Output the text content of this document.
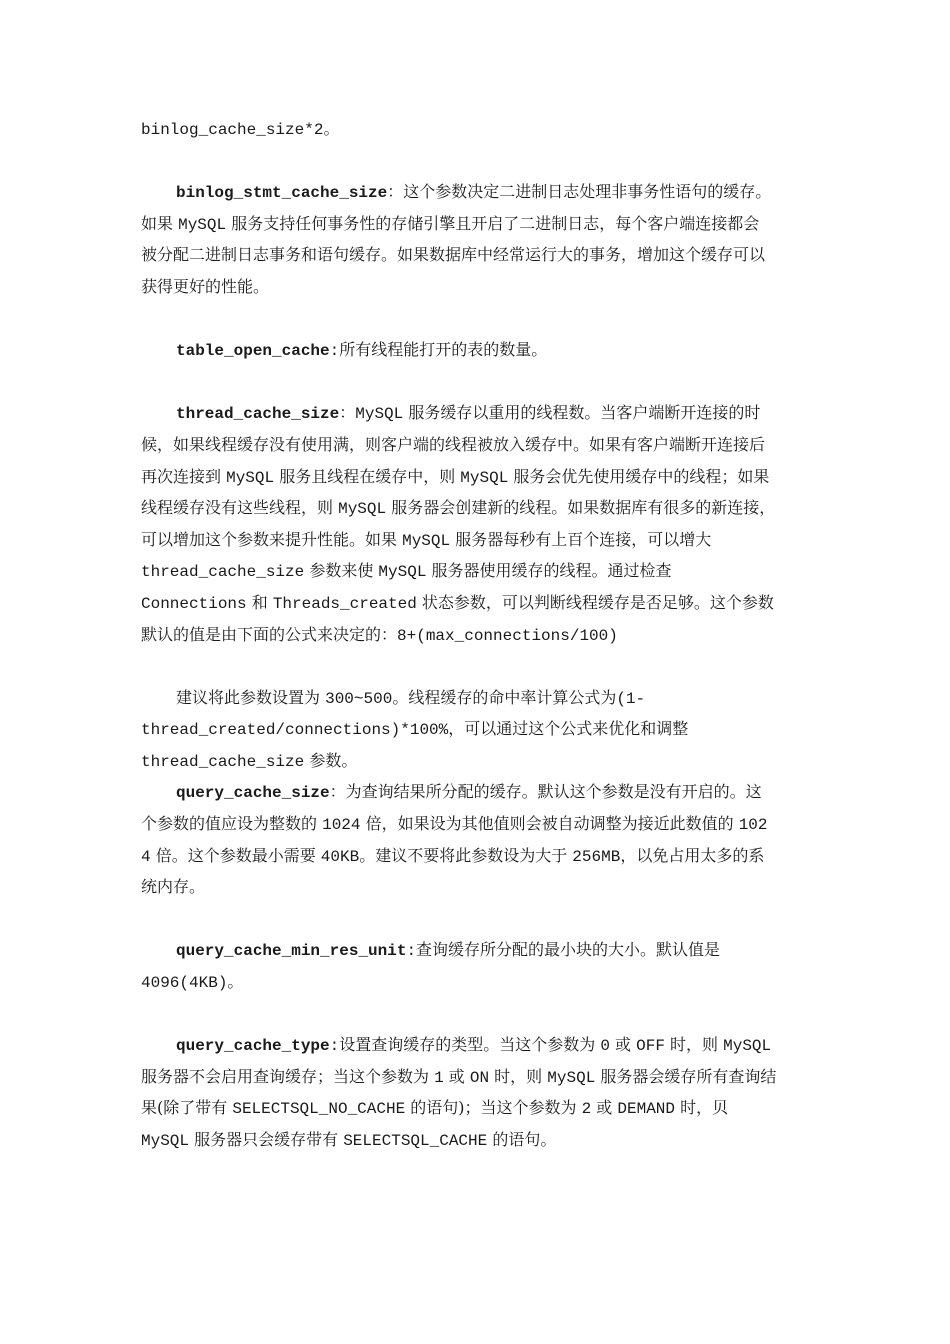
binlog_cache_size*2。
binlog_stmt_cache_size：这个参数决定二进制日志处理非事务性语句的缓存。
如果 MySQL 服务支持任何事务性的存储引擎且开启了二进制日志，每个客户端连接都会
被分配二进制日志事务和语句缓存。如果数据库中经常运行大的事务，增加这个缓存可以
获得更好的性能。
table_open_cache:所有线程能打开的表的数量。
thread_cache_size：MySQL 服务缓存以重用的线程数。当客户端断开连接的时
候，如果线程缓存没有使用满，则客户端的线程被放入缓存中。如果有客户端断开连接后
再次连接到 MySQL 服务且线程在缓存中，则 MySQL 服务会优先使用缓存中的线程；如果
线程缓存没有这些线程，则 MySQL 服务器会创建新的线程。如果数据库有很多的新连接，
可以增加这个参数来提升性能。如果 MySQL 服务器每秒有上百个连接，可以增大
thread_cache_size 参数来使 MySQL 服务器使用缓存的线程。通过检查
Connections 和 Threads_created 状态参数，可以判断线程缓存是否足够。这个参数
默认的值是由下面的公式来决定的：8+(max_connections/100)
建议将此参数设置为 300~500。线程缓存的命中率计算公式为(1-
thread_created/connections)*100%，可以通过这个公式来优化和调整
thread_cache_size 参数。
query_cache_size：为查询结果所分配的缓存。默认这个参数是没有开启的。这
个参数的值应设为整数的 1024 倍，如果设为其他值则会被自动调整为接近此数值的 102
4 倍。这个参数最小需要 40KB。建议不要将此参数设为大于 256MB，以免占用太多的系
统内存。
query_cache_min_res_unit:查询缓存所分配的最小块的大小。默认值是
4096(4KB)。
query_cache_type:设置查询缓存的类型。当这个参数为 0 或 OFF 时，则 MySQL
服务器不会启用查询缓存；当这个参数为 1 或 ON 时，则 MySQL 服务器会缓存所有查询结
果(除了带有 SELECTSQL_NO_CACHE 的语句)；当这个参数为 2 或 DEMAND 时，贝
MySQL 服务器只会缓存带有 SELECTSQL_CACHE 的语句。
